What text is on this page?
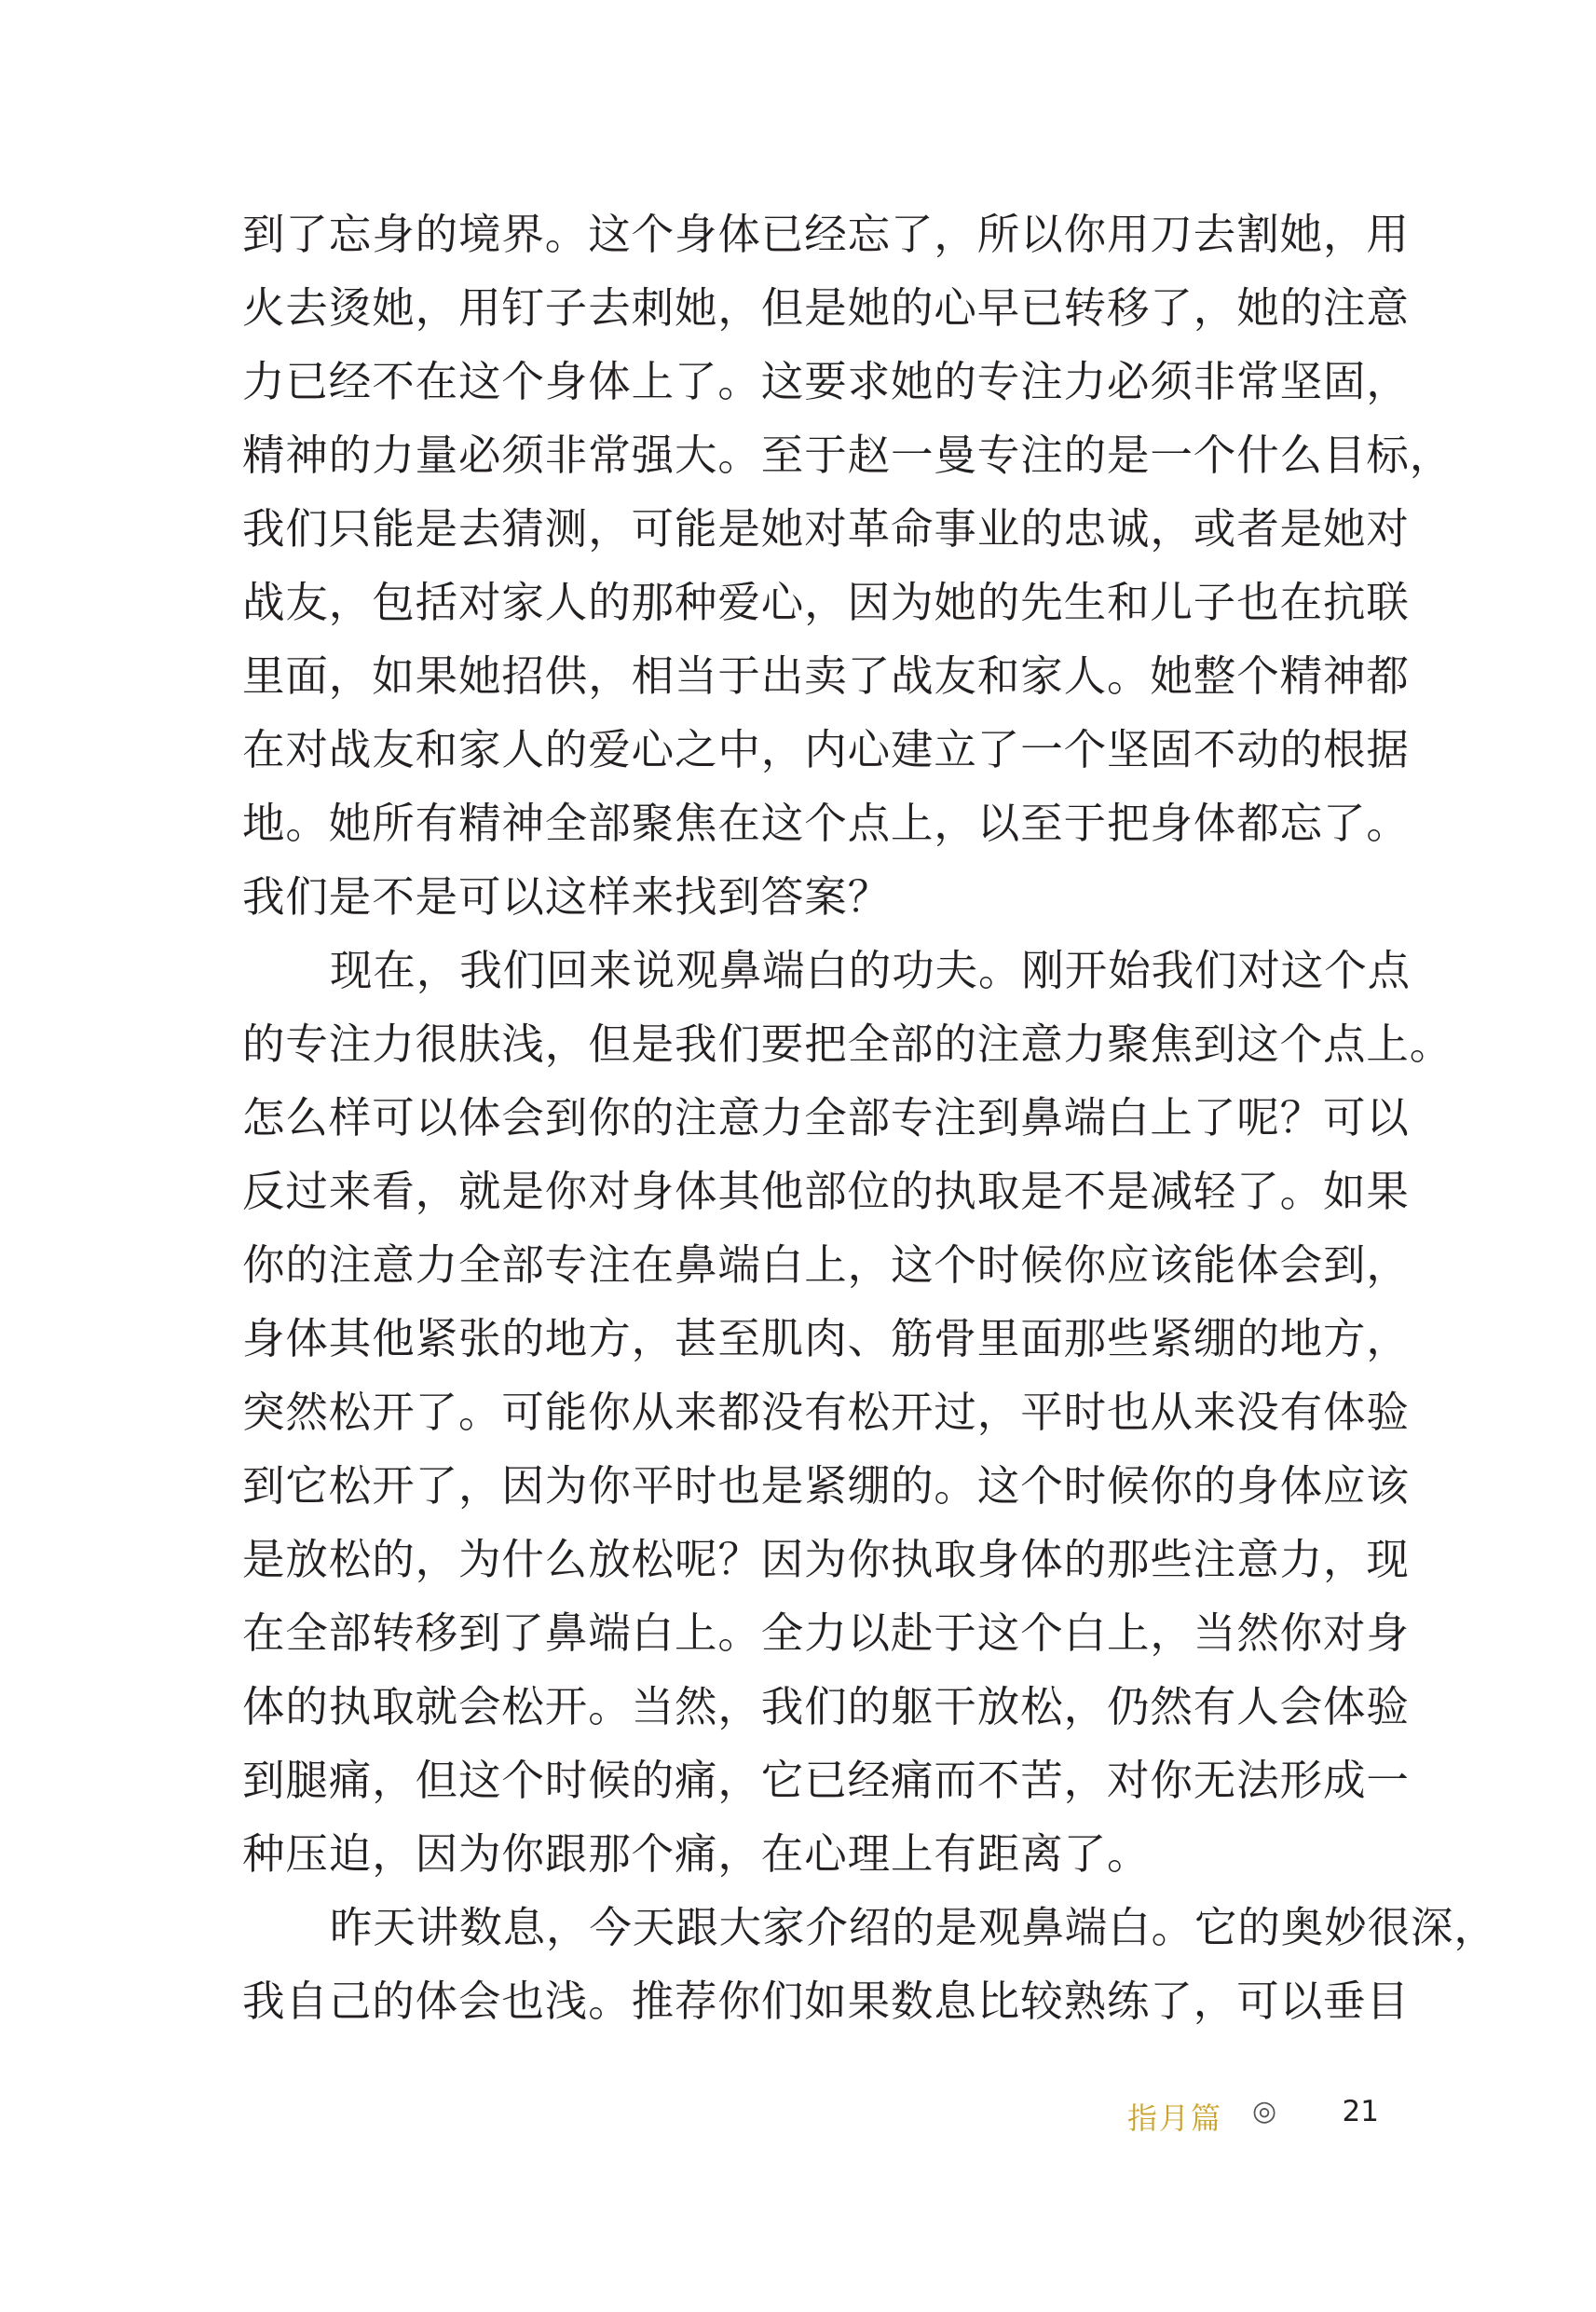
到了忘身的境界。这个身体已经忘了，所以你用刀去割她，用
火去烫她，用钉子去刺她，但是她的心早已转移了，她的注意
力已经不在这个身体上了。这要求她的专注力必须非常坚固，
精神的力量必须非常强大。至于赵一曼专注的是一个什么目标，
我们只能是去猜测，可能是她对革命事业的忠诚，或者是她对
战友，包括对家人的那种爱心，因为她的先生和儿子也在抗联
里面，如果她招供，相当于出卖了战友和家人。她整个精神都
在对战友和家人的爱心之中，内心建立了一个坚固不动的根据
地。她所有精神全部聚焦在这个点上，以至于把身体都忘了。
我们是不是可以这样来找到答案？
现在，我们回来说观鼻端白的功夫。刚开始我们对这个点
的专注力很肤浅，但是我们要把全部的注意力聚焦到这个点上。
怎么样可以体会到你的注意力全部专注到鼻端白上了呢？可以
反过来看，就是你对身体其他部位的执取是不是减轻了。如果
你的注意力全部专注在鼻端白上，这个时候你应该能体会到，
身体其他紧张的地方，甚至肌肉、筋骨里面那些紧绷的地方，
突然松开了。可能你从来都没有松开过，平时也从来没有体验
到它松开了，因为你平时也是紧绷的。这个时候你的身体应该
是放松的，为什么放松呢？因为你执取身体的那些注意力，现
在全部转移到了鼻端白上。全力以赴于这个白上，当然你对身
体的执取就会松开。当然，我们的躯干放松，仍然有人会体验
到腿痛，但这个时候的痛，它已经痛而不苦，对你无法形成一
种压迫，因为你跟那个痛，在心理上有距离了。
昨天讲数息，今天跟大家介绍的是观鼻端白。它的奥妙很深，
我自己的体会也浅。推荐你们如果数息比较熟练了，可以垂目
指月篇 ◎ 21
